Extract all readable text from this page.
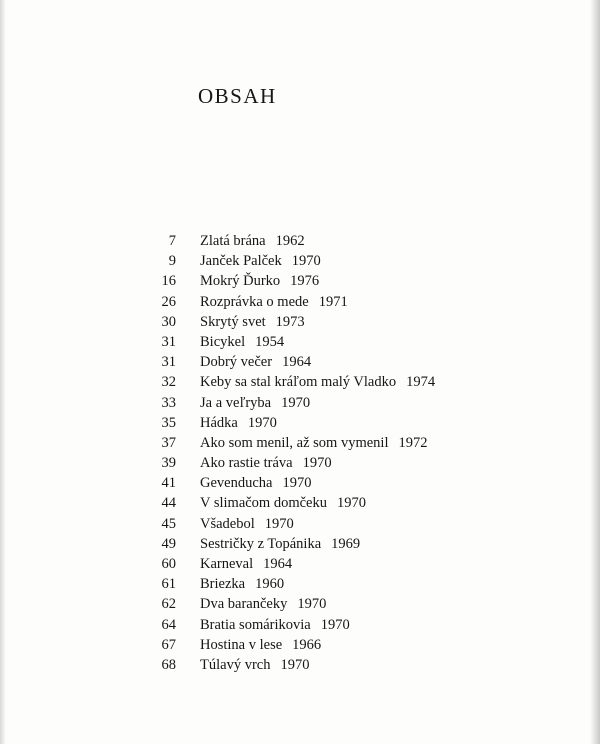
OBSAH
7 Zlatá brána 1962
9 Janček Palček 1970
16 Mokrý Ďurko 1976
26 Rozprávka o mede 1971
30 Skrytý svet 1973
31 Bicykel 1954
31 Dobrý večer 1964
32 Keby sa stal kráľom malý Vladko 1974
33 Ja a veľryba 1970
35 Hádka 1970
37 Ako som menil, až som vymenil 1972
39 Ako rastie tráva 1970
41 Gevenducha 1970
44 V slimačom domčeku 1970
45 Všadebol 1970
49 Sestričky z Topánika 1969
60 Karneval 1964
61 Briezka 1960
62 Dva barančeky 1970
64 Bratia somárikovia 1970
67 Hostina v lese 1966
68 Túlavý vrch 1970
